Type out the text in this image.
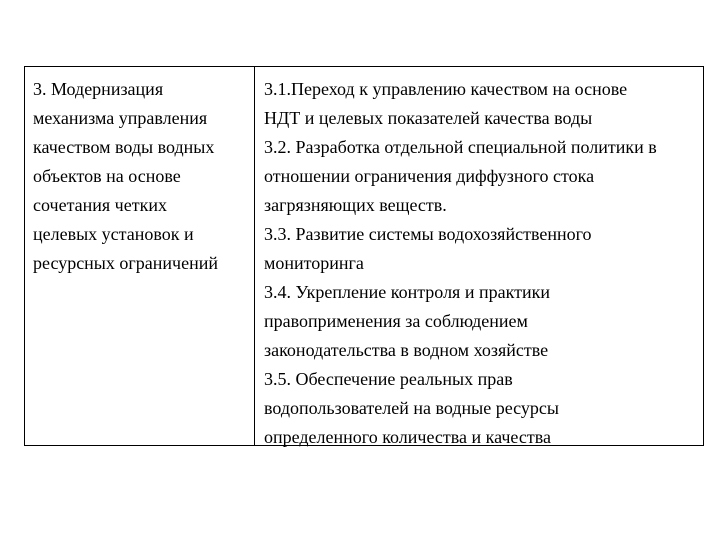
3. Модернизация
механизма управления
качеством воды водных
объектов на основе
сочетания четких
целевых установок и
ресурсных ограничений
3.1.Переход к управлению качеством на основе
НДТ и целевых показателей качества воды
3.2. Разработка отдельной специальной политики в
отношении ограничения диффузного стока
загрязняющих веществ.
3.3. Развитие системы водохозяйственного
мониторинга
3.4. Укрепление контроля и практики
правоприменения за соблюдением
законодательства в водном хозяйстве
3.5. Обеспечение реальных прав
водопользователей на водные ресурсы
определенного количества и качества
